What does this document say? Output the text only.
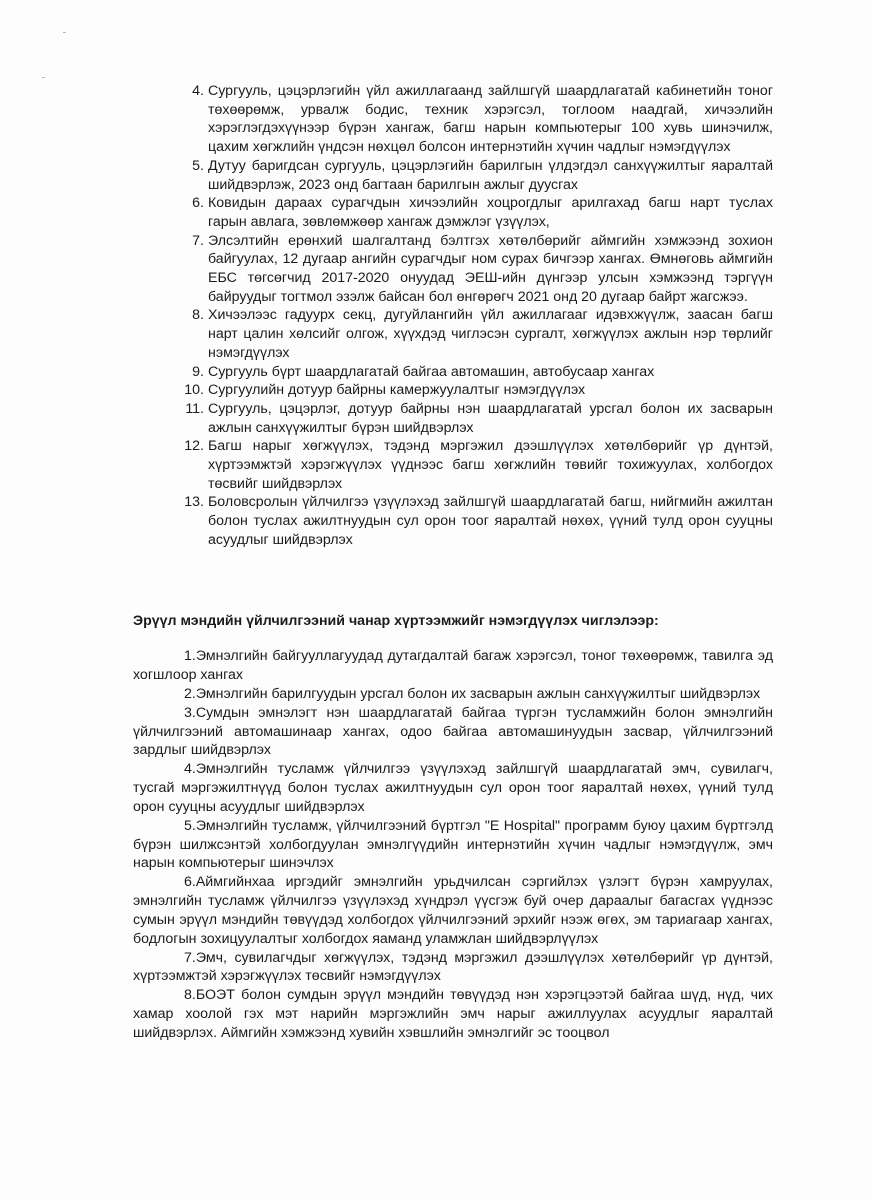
4. Сургууль, цэцэрлэгийн үйл ажиллагаанд зайлшгүй шаардлагатай кабинетийн тоног төхөөрөмж, урвалж бодис, техник хэрэгсэл, тоглоом наадгай, хичээлийн хэрэглэгдэхүүнээр бүрэн хангаж, багш нарын компьютерыг 100 хувь шинэчилж, цахим хөгжлийн үндсэн нөхцөл болсон интернэтийн хүчин чадлыг нэмэгдүүлэх
5. Дутуу баригдсан сургууль, цэцэрлэгийн барилгын үлдэгдэл санхүүжилтыг яаралтай шийдвэрлэж, 2023 онд багтаан барилгын ажлыг дуусгах
6. Ковидын дараах сурагчдын хичээлийн хоцрогдлыг арилгахад багш нарт туслах гарын авлага, зөвлөмжөөр хангаж дэмжлэг үзүүлэх,
7. Элсэлтийн ерөнхий шалгалтанд бэлтгэх хөтөлбөрийг аймгийн хэмжээнд зохион байгуулах, 12 дугаар ангийн сурагчдыг ном сурах бичгээр хангах. Өмнөговь аймгийн ЕБС төгсөгчид 2017-2020 онуудад ЭЕШ-ийн дүнгээр улсын хэмжээнд тэргүүн байруудыг тогтмол эзэлж байсан бол өнгөрөгч 2021 онд 20 дугаар байрт жагсжээ.
8. Хичээлээс гадуурх секц, дугуйлангийн үйл ажиллагааг идэвхжүүлж, заасан багш нарт цалин хөлсийг олгож, хүүхдэд чиглэсэн сургалт, хөгжүүлэх ажлын нэр төрлийг нэмэгдүүлэх
9. Сургууль бүрт шаардлагатай байгаа автомашин, автобусаар хангах
10. Сургуулийн дотуур байрны камержуулалтыг нэмэгдүүлэх
11. Сургууль, цэцэрлэг, дотуур байрны нэн шаардлагатай урсгал болон их засварын ажлын санхүүжилтыг бүрэн шийдвэрлэх
12. Багш нарыг хөгжүүлэх, тэдэнд мэргэжил дээшлүүлэх хөтөлбөрийг үр дүнтэй, хүртээмжтэй хэрэгжүүлэх үүднээс багш хөгжлийн төвийг тохижуулах, холбогдох төсвийг шийдвэрлэх
13. Боловсролын үйлчилгээ үзүүлэхэд зайлшгүй шаардлагатай багш, нийгмийн ажилтан болон туслах ажилтнуудын сул орон тоог яаралтай нөхөх, үүний тулд орон сууцны асуудлыг шийдвэрлэх
Эрүүл мэндийн үйлчилгээний чанар хүртээмжийг нэмэгдүүлэх чиглэлээр:

1.Эмнэлгийн байгууллагуудад дутагдалтай багаж хэрэгсэл, тоног төхөөрөмж, тавилга эд хогшлоор хангах

2.Эмнэлгийн барилгуудын урсгал болон их засварын ажлын санхүүжилтыг шийдвэрлэх

3.Сумдын эмнэлэгт нэн шаардлагатай байгаа түргэн тусламжийн болон эмнэлгийн үйлчилгээний автомашинаар хангах, одоо байгаа автомашинуудын засвар, үйлчилгээний зардлыг шийдвэрлэх

4.Эмнэлгийн тусламж үйлчилгээ үзүүлэхэд зайлшгүй шаардлагатай эмч, сувилагч, тусгай мэргэжилтнүүд болон туслах ажилтнуудын сул орон тоог яаралтай нөхөх, үүний тулд орон сууцны асуудлыг шийдвэрлэх

5.Эмнэлгийн тусламж, үйлчилгээний бүртгэл "E Hospital" программ буюу цахим бүртгэлд бүрэн шилжсэнтэй холбогдуулан эмнэлгүүдийн интернэтийн хүчин чадлыг нэмэгдүүлж, эмч нарын компьютерыг шинэчлэх

6.Аймгийнхаа иргэдийг эмнэлгийн урьдчилсан сэргийлэх үзлэгт бүрэн хамруулах, эмнэлгийн тусламж үйлчилгээ үзүүлэхэд хүндрэл үүсгэж буй очер дараалыг багасгах үүднээс сумын эрүүл мэндийн төвүүдэд холбогдох үйлчилгээний эрхийг нээж өгөх, эм тариагаар хангах, бодлогын зохицуулалтыг холбогдох яаманд уламжлан шийдвэрлүүлэх

7.Эмч, сувилагчдыг хөгжүүлэх, тэдэнд мэргэжил дээшлүүлэх хөтөлбөрийг үр дүнтэй, хүртээмжтэй хэрэгжүүлэх төсвийг нэмэгдүүлэх

8.БОЭТ болон сумдын эрүүл мэндийн төвүүдэд нэн хэрэгцээтэй байгаа шүд, нүд, чих хамар хоолой гэх мэт нарийн мэргэжлийн эмч нарыг ажиллуулах асуудлыг яаралтай шийдвэрлэх. Аймгийн хэмжээнд хувийн хэвшлийн эмнэлгийг эс тооцвол
